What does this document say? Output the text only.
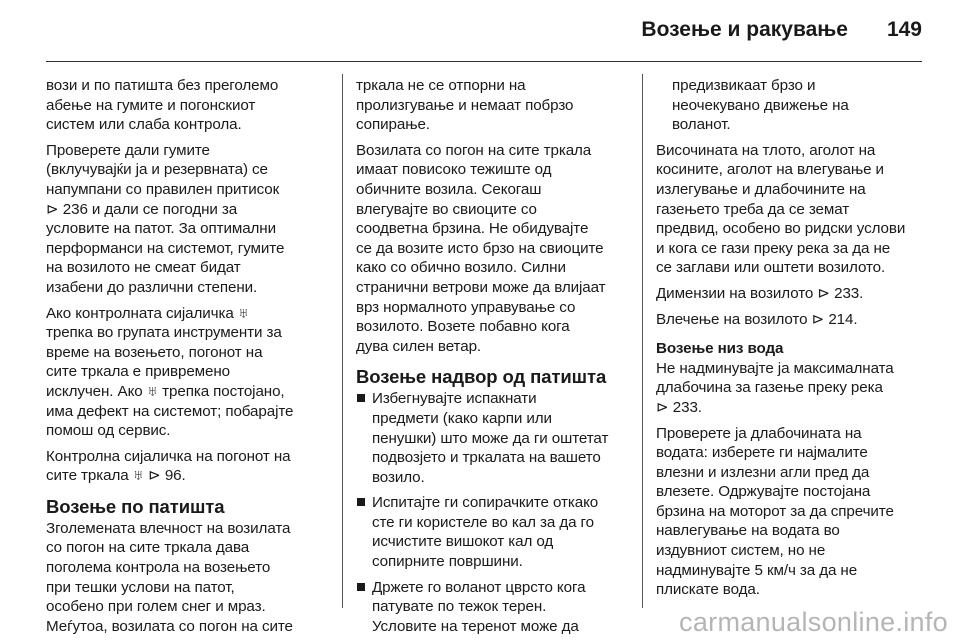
Возење и ракување 149
вози и по патишта без преголемо
абење на гумите и погонскиот
систем или слаба контрола.
Проверете дали гумите
(вклучувајќи ја и резервната) се
напумпани со правилен притисок
⊳ 236 и дали се погодни за
условите на патот. За оптимални
перформанси на системот, гумите
на возилото не смеат бидат
изабени до различни степени.
Ако контролната сијаличка ♅
трепка во групата инструменти за
време на возењето, погонот на
сите тркала е привремено
исклучен. Ако ♅ трепка постојано,
има дефект на системот; побарајте
помош од сервис.
Контролна сијаличка на погонот на
сите тркала ♅ ⊳ 96.
Возење по патишта
Зголемената влечност на возилата
со погон на сите тркала дава
поголема контрола на возењето
при тешки услови на патот,
особено при голем снег и мраз.
Меѓутоа, возилата со погон на сите
тркала не се отпорни на
пролизгување и немаат побрзо
сопирање.
Возилата со погон на сите тркала
имаат повисоко тежиште од
обичните возила. Секогаш
влегувајте во свиоците со
соодветна брзина. Не обидувајте
се да возите исто брзо на свиоците
како со обично возило. Силни
странични ветрови може да влијаат
врз нормалното управување со
возилото. Возете побавно кога
дува силен ветар.
Возење надвор од патишта
Избегнувајте испакнати
предмети (како карпи или
пенушки) што може да ги оштетат
подвозјето и тркалата на вашето
возило.
Испитајте ги сопирачките откако
сте ги користеле во кал за да го
исчистите вишокот кал од
сопирните површини.
Држете го воланот цврсто кога
патувате по тежок терен.
Условите на теренот може да
предизвикаат брзо и
неочекувано движење на
воланот.
Височината на тлото, аголот на
косините, аголот на влегување и
излегување и длабочините на
газењето треба да се земат
предвид, особено во ридски услови
и кога се гази преку река за да не
се заглави или оштети возилото.
Димензии на возилото ⊳ 233.
Влечење на возилото ⊳ 214.
Возење низ вода
Не надминувајте ја максималната
длабочина за газење преку река
⊳ 233.
Проверете ја длабочината на
водата: изберете ги најмалите
влезни и излезни агли пред да
влезете. Одржувајте постојана
брзина на моторот за да спречите
навлегување на водата во
издувниот систем, но не
надминувајте 5 км/ч за да не
плискате вода.
carmanualsonline.info
